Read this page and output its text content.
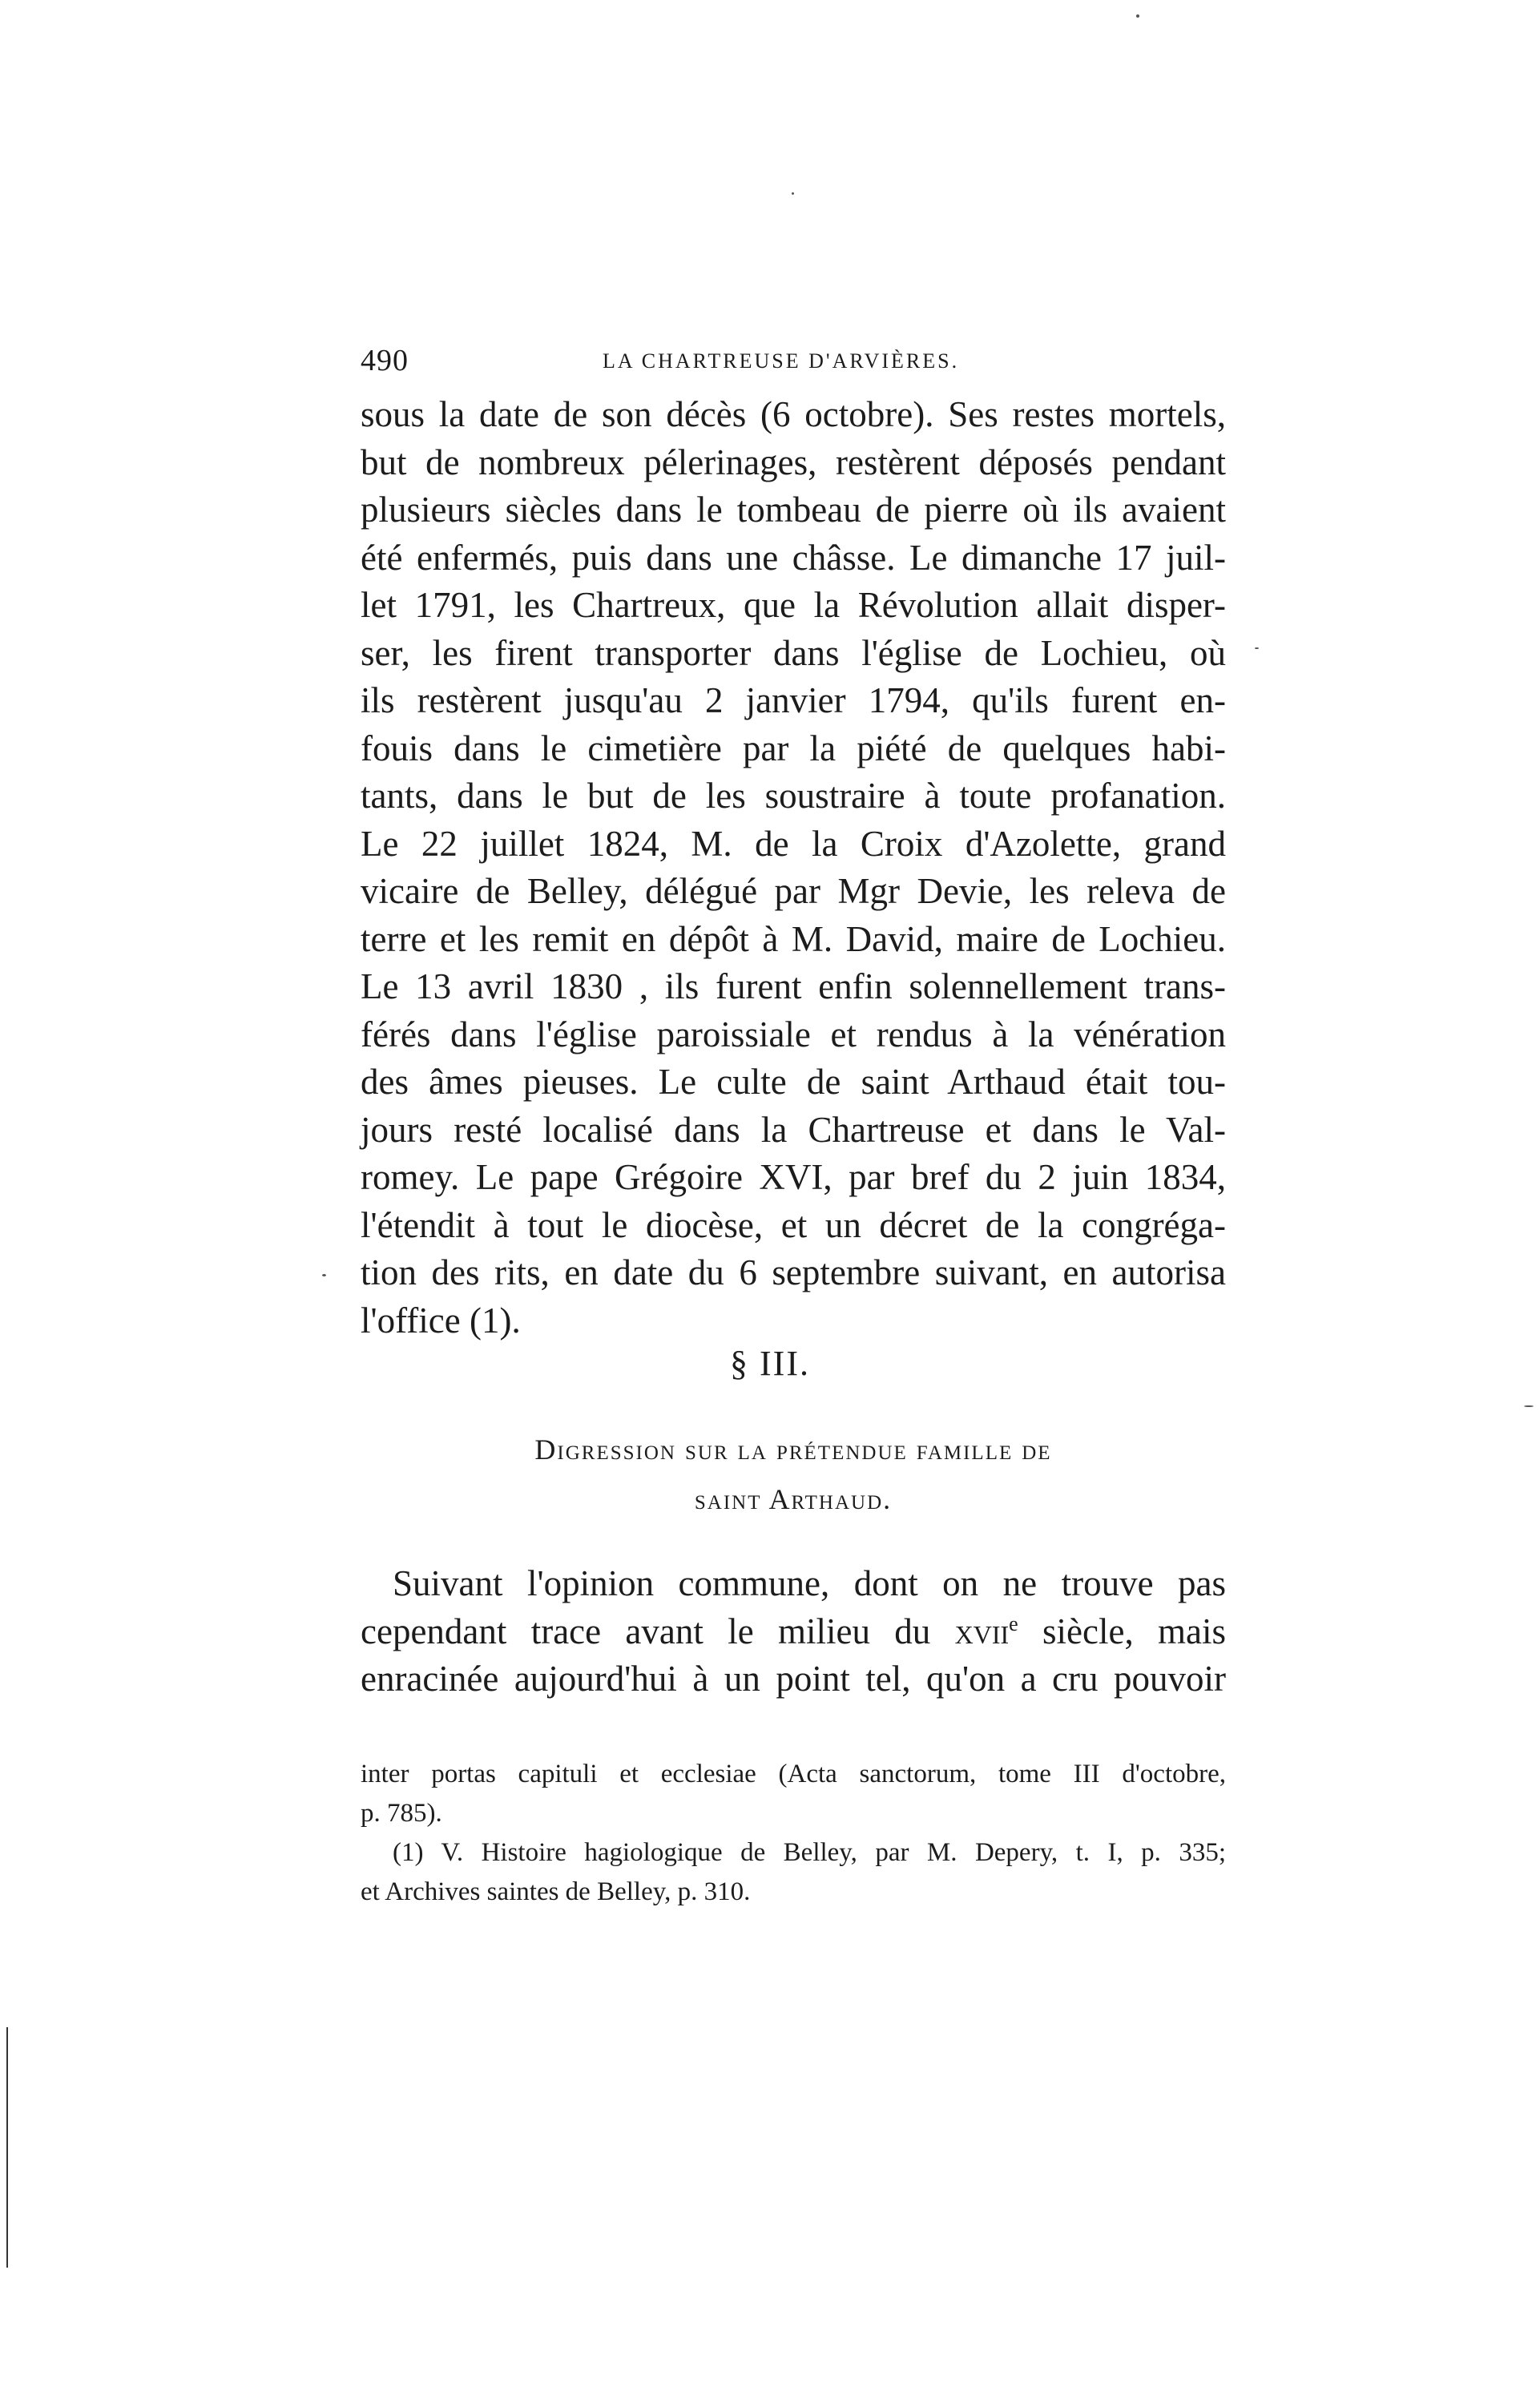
490	LA CHARTREUSE D'ARVIÈRES.
sous la date de son décès (6 octobre). Ses restes mortels,
but de nombreux pélerinages, restèrent déposés pendant
plusieurs siècles dans le tombeau de pierre où ils avaient
été enfermés, puis dans une châsse. Le dimanche 17 juil-
let 1791, les Chartreux, que la Révolution allait disper-
ser, les firent transporter dans l'église de Lochieu, où
ils restèrent jusqu'au 2 janvier 1794, qu'ils furent en-
fouis dans le cimetière par la piété de quelques habi-
tants, dans le but de les soustraire à toute profanation.
Le 22 juillet 1824, M. de la Croix d'Azolette, grand
vicaire de Belley, délégué par Mgr Devie, les releva de
terre et les remit en dépôt à M. David, maire de Lochieu.
Le 13 avril 1830 , ils furent enfin solennellement trans-
férés dans l'église paroissiale et rendus à la vénération
des âmes pieuses. Le culte de saint Arthaud était tou-
jours resté localisé dans la Chartreuse et dans le Val-
romey. Le pape Grégoire XVI, par bref du 2 juin 1834,
l'étendit à tout le diocèse, et un décret de la congréga-
tion des rits, en date du 6 septembre suivant, en autorisa
l'office (1).
§ III.
Digression sur la prétendue famille de
saint Arthaud.
Suivant l'opinion commune, dont on ne trouve pas
cependant trace avant le milieu du xvii$^e$ siècle, mais
enracinée aujourd'hui à un point tel, qu'on a cru pouvoir
inter portas capituli et ecclesiae (Acta sanctorum, tome III d'octobre,
p. 785).
(1) V. Histoire hagiologique de Belley, par M. Depery, t. I, p. 335;
et Archives saintes de Belley, p. 310.
